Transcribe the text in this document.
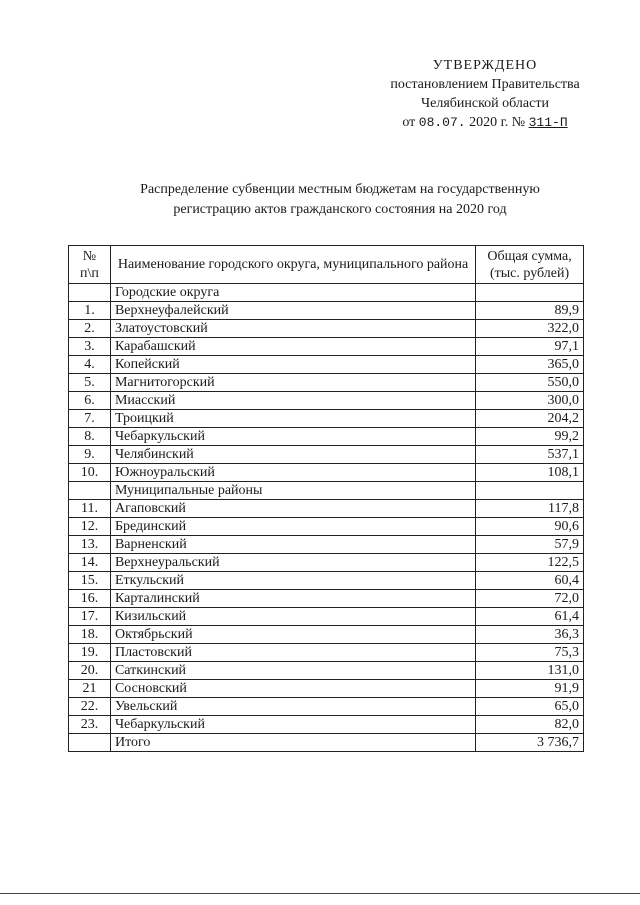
УТВЕРЖДЕНО
постановлением Правительства
Челябинской области
от 08.07. 2020 г. № 311-П
Распределение субвенции местным бюджетам на государственную
регистрацию актов гражданского состояния на 2020 год
№ п\п	Наименование городского округа, муниципального района	Общая сумма, (тыс. рублей)
	Городские округа	
1.	Верхнеуфалейский	89,9
2.	Златоустовский	322,0
3.	Карабашский	97,1
4.	Копейский	365,0
5.	Магнитогорский	550,0
6.	Миасский	300,0
7.	Троицкий	204,2
8.	Чебаркульский	99,2
9.	Челябинский	537,1
10.	Южноуральский	108,1
	Муниципальные районы	
11.	Агаповский	117,8
12.	Брединский	90,6
13.	Варненский	57,9
14.	Верхнеуральский	122,5
15.	Еткульский	60,4
16.	Карталинский	72,0
17.	Кизильский	61,4
18.	Октябрьский	36,3
19.	Пластовский	75,3
20.	Саткинский	131,0
21	Сосновский	91,9
22.	Увельский	65,0
23.	Чебаркульский	82,0
	Итого	3 736,7
